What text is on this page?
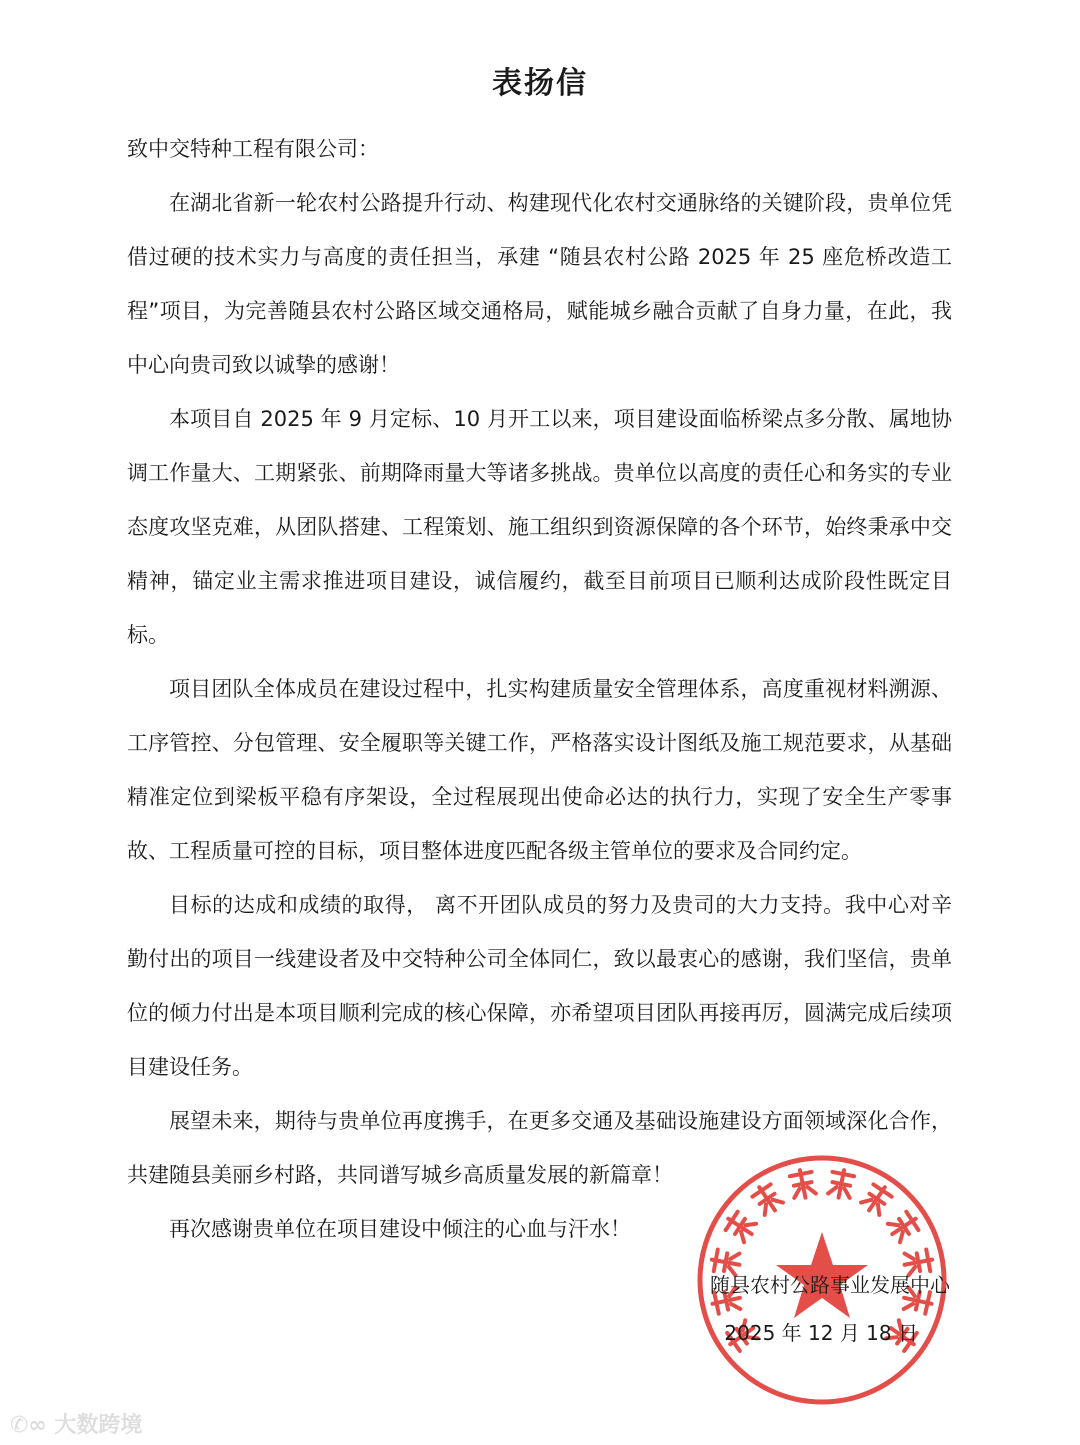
表扬信

致中交特种工程有限公司：

在湖北省新一轮农村公路提升行动、构建现代化农村交通脉络的关键阶段，贵单位凭借过硬的技术实力与高度的责任担当，承建 “随县农村公路 2025 年 25 座危桥改造工程”项目，为完善随县农村公路区域交通格局，赋能城乡融合贡献了自身力量，在此，我中心向贵司致以诚挚的感谢！

本项目自 2025 年 9 月定标、10 月开工以来，项目建设面临桥梁点多分散、属地协调工作量大、工期紧张、前期降雨量大等诸多挑战。贵单位以高度的责任心和务实的专业态度攻坚克难，从团队搭建、工程策划、施工组织到资源保障的各个环节，始终秉承中交精神，锚定业主需求推进项目建设，诚信履约，截至目前项目已顺利达成阶段性既定目标。

项目团队全体成员在建设过程中，扎实构建质量安全管理体系，高度重视材料溯源、工序管控、分包管理、安全履职等关键工作，严格落实设计图纸及施工规范要求，从基础精准定位到梁板平稳有序架设，全过程展现出使命必达的执行力，实现了安全生产零事故、工程质量可控的目标，项目整体进度匹配各级主管单位的要求及合同约定。

目标的达成和成绩的取得， 离不开团队成员的努力及贵司的大力支持。我中心对辛勤付出的项目一线建设者及中交特种公司全体同仁，致以最衷心的感谢，我们坚信，贵单位的倾力付出是本项目顺利完成的核心保障，亦希望项目团队再接再厉，圆满完成后续项目建设任务。

展望未来，期待与贵单位再度携手，在更多交通及基础设施建设方面领域深化合作，共建随县美丽乡村路，共同谱写城乡高质量发展的新篇章！

再次感谢贵单位在项目建设中倾注的心血与汗水！

随县农村公路事业发展中心
2025 年 12 月 18 日
✆∞ 大数跨境
